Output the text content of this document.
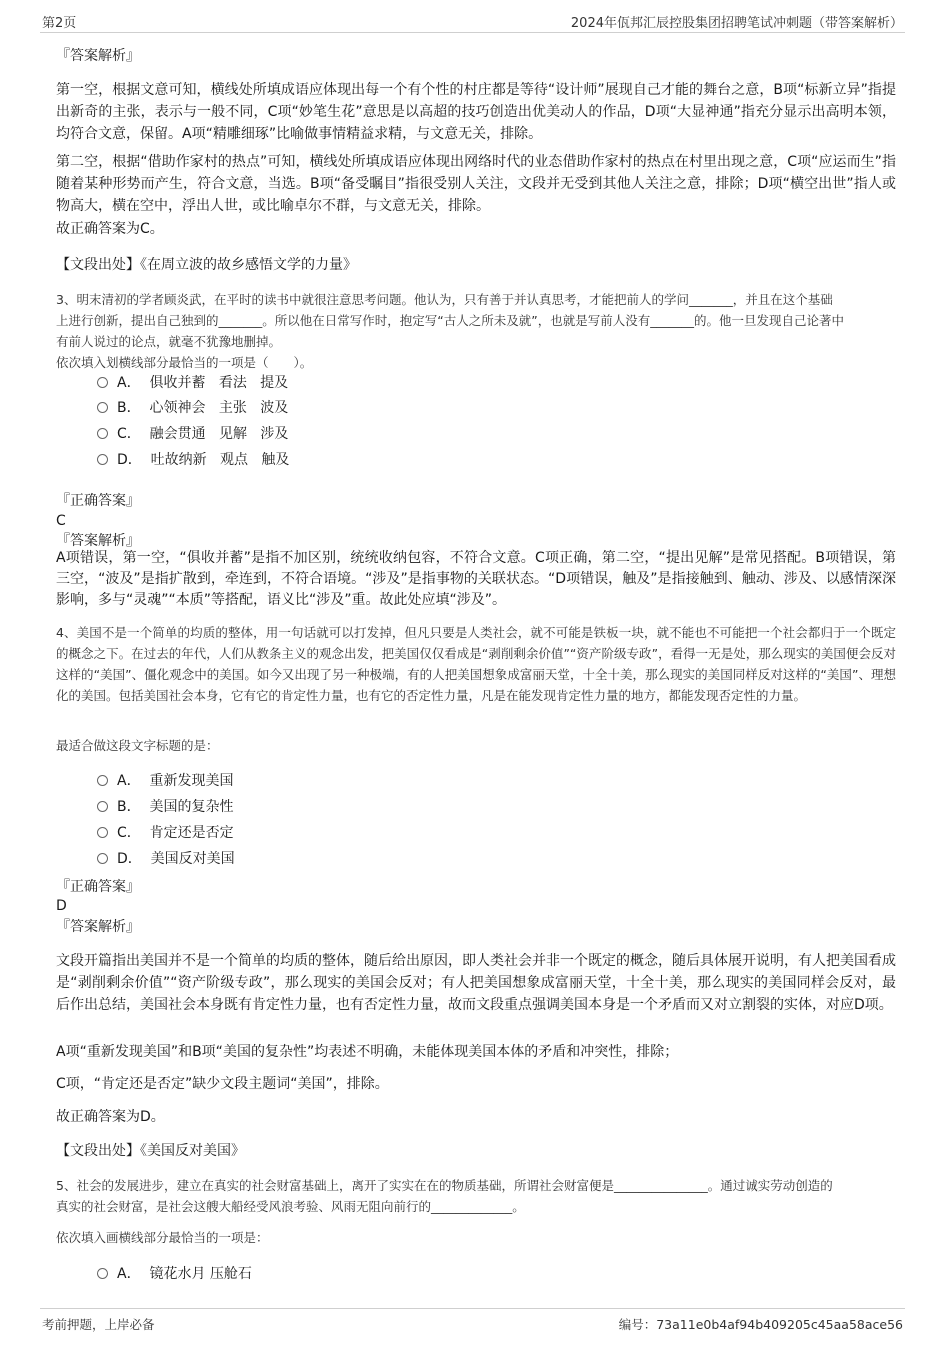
第2页	2024年佤邦汇辰控股集团招聘笔试冲刺题（带答案解析）
『答案解析』

第一空，根据文意可知，横线处所填成语应体现出每一个有个性的村庄都是等待“设计师”展现自己才能的舞台之意，B项“标新立异”指提出新奇的主张，表示与一般不同，C项“妙笔生花”意思是以高超的技巧创造出优美动人的作品，D项“大显神通”指充分显示出高明本领，均符合文意，保留。A项“精雕细琢”比喻做事情精益求精，与文意无关，排除。

第二空，根据“借助作家村的热点”可知，横线处所填成语应体现出网络时代的业态借助作家村的热点在村里出现之意，C项“应运而生”指随着某种形势而产生，符合文意，当选。B项“备受瞩目”指很受别人关注，文段并无受到其他人关注之意，排除；D项“横空出世”指人或物高大，横在空中，浮出人世，或比喻卓尔不群，与文意无关，排除。

故正确答案为C。

【文段出处】《在周立波的故乡感悟文学的力量》

3、明末清初的学者顾炎武，在平时的读书中就很注意思考问题。他认为，只有善于并认真思考，才能把前人的学问_______，并且在这个基础

上进行创新，提出自己独到的_______。所以他在日常写作时，抱定写“古人之所未及就”，也就是写前人没有_______的。他一旦发现自己论著中

有前人说过的论点，就毫不犹豫地删掉。

依次填入划横线部分最恰当的一项是（　　）。

A．  俱收并蓄   看法   提及
B．  心领神会   主张   波及
C．  融会贯通   见解   涉及
D．  吐故纳新   观点   触及
『正确答案』
C
『答案解析』

A项错误，第一空，“俱收并蓄”是指不加区别，统统收纳包容，不符合文意。C项正确，第二空，“提出见解”是常见搭配。B项错误，第三空，“波及”是指扩散到，牵连到，不符合语境。“涉及”是指事物的关联状态。“D项错误，触及”是指接触到、触动、涉及、以感情深深影响，多与“灵魂”“本质”等搭配，语义比“涉及”重。故此处应填“涉及”。

4、美国不是一个简单的均质的整体，用一句话就可以打发掉，但凡只要是人类社会，就不可能是铁板一块，就不能也不可能把一个社会都归于一个既定的概念之下。在过去的年代，人们从教条主义的观念出发，把美国仅仅看成是“剥削剩余价值”“资产阶级专政”，看得一无是处，那么现实的美国便会反对这样的“美国”、僵化观念中的美国。如今又出现了另一种极端，有的人把美国想象成富丽天堂，十全十美，那么现实的美国同样反对这样的“美国”、理想化的美国。包括美国社会本身，它有它的肯定性力量，也有它的否定性力量，凡是在能发现肯定性力量的地方，都能发现否定性的力量。

最适合做这段文字标题的是：

A．  重新发现美国
B．  美国的复杂性
C．  肯定还是否定
D．  美国反对美国
『正确答案』
D
『答案解析』

文段开篇指出美国并不是一个简单的均质的整体，随后给出原因，即人类社会并非一个既定的概念，随后具体展开说明，有人把美国看成是“剥削剩余价值”“资产阶级专政”，那么现实的美国会反对；有人把美国想象成富丽天堂，十全十美，那么现实的美国同样会反对，最后作出总结，美国社会本身既有肯定性力量，也有否定性力量，故而文段重点强调美国本身是一个矛盾而又对立割裂的实体，对应D项。

A项“重新发现美国”和B项“美国的复杂性”均表述不明确，未能体现美国本体的矛盾和冲突性，排除；

C项，“肯定还是否定”缺少文段主题词“美国”，排除。

故正确答案为D。

【文段出处】《美国反对美国》

5、社会的发展进步，建立在真实的社会财富基础上，离开了实实在在的物质基础，所谓社会财富便是_______________。通过诚实劳动创造的

真实的社会财富，是社会这艘大船经受风浪考验、风雨无阻向前行的_____________。

依次填入画横线部分最恰当的一项是：

A．  镜花水月 压舱石
考前押题，上岸必备	编号：73a11e0b4af94b409205c45aa58ace56
